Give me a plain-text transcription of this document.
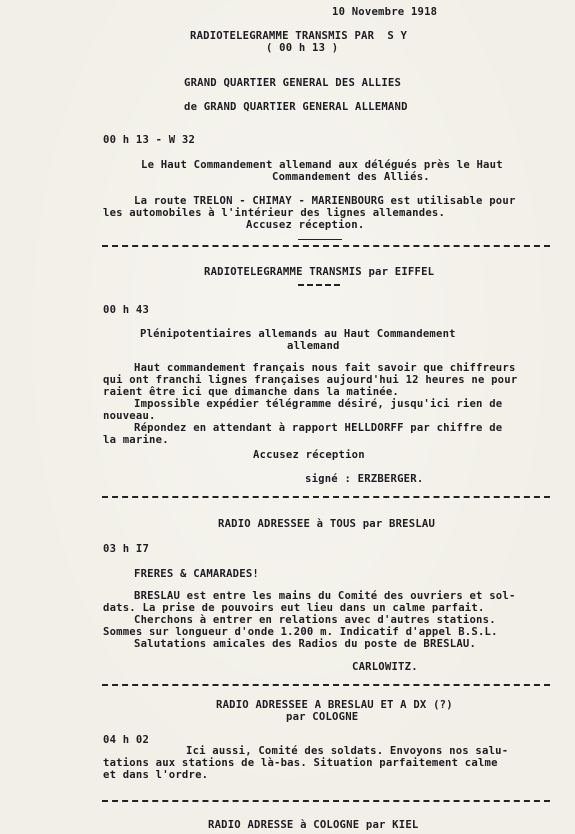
10 Novembre 1918
RADIOTELEGRAMME TRANSMIS PAR  S Y
( 00 h 13 )
GRAND QUARTIER GENERAL DES ALLIES
de GRAND QUARTIER GENERAL ALLEMAND
00 h 13 - W 32
Le Haut Commandement allemand aux délégués près le Haut
Commandement des Alliés.
La route TRELON - CHIMAY - MARIENBOURG est utilisable pour
les automobiles à l'intérieur des lignes allemandes.
Accusez réception.
RADIOTELEGRAMME TRANSMIS par EIFFEL
00 h 43
Plénipotentiaires allemands au Haut Commandement
allemand
Haut commandement français nous fait savoir que chiffreurs
qui ont franchi lignes françaises aujourd'hui 12 heures ne pour
raient être ici que dimanche dans la matinée.
Impossible expédier télégramme désiré, jusqu'ici rien de
nouveau.
Répondez en attendant à rapport HELLDORFF par chiffre de
la marine.
Accusez réception
signé : ERZBERGER.
RADIO ADRESSEE à TOUS par BRESLAU
03 h I7
FRERES & CAMARADES!
BRESLAU est entre les mains du Comité des ouvriers et sol-
dats. La prise de pouvoirs eut lieu dans un calme parfait.
Cherchons à entrer en relations avec d'autres stations.
Sommes sur longueur d'onde 1.200 m. Indicatif d'appel B.S.L.
Salutations amicales des Radios du poste de BRESLAU.
CARLOWITZ.
RADIO ADRESSEE A BRESLAU ET A DX (?)
par COLOGNE
04 h 02
Ici aussi, Comité des soldats. Envoyons nos salu-
tations aux stations de là-bas. Situation parfaitement calme
et dans l'ordre.
RADIO ADRESSE à COLOGNE par KIEL
